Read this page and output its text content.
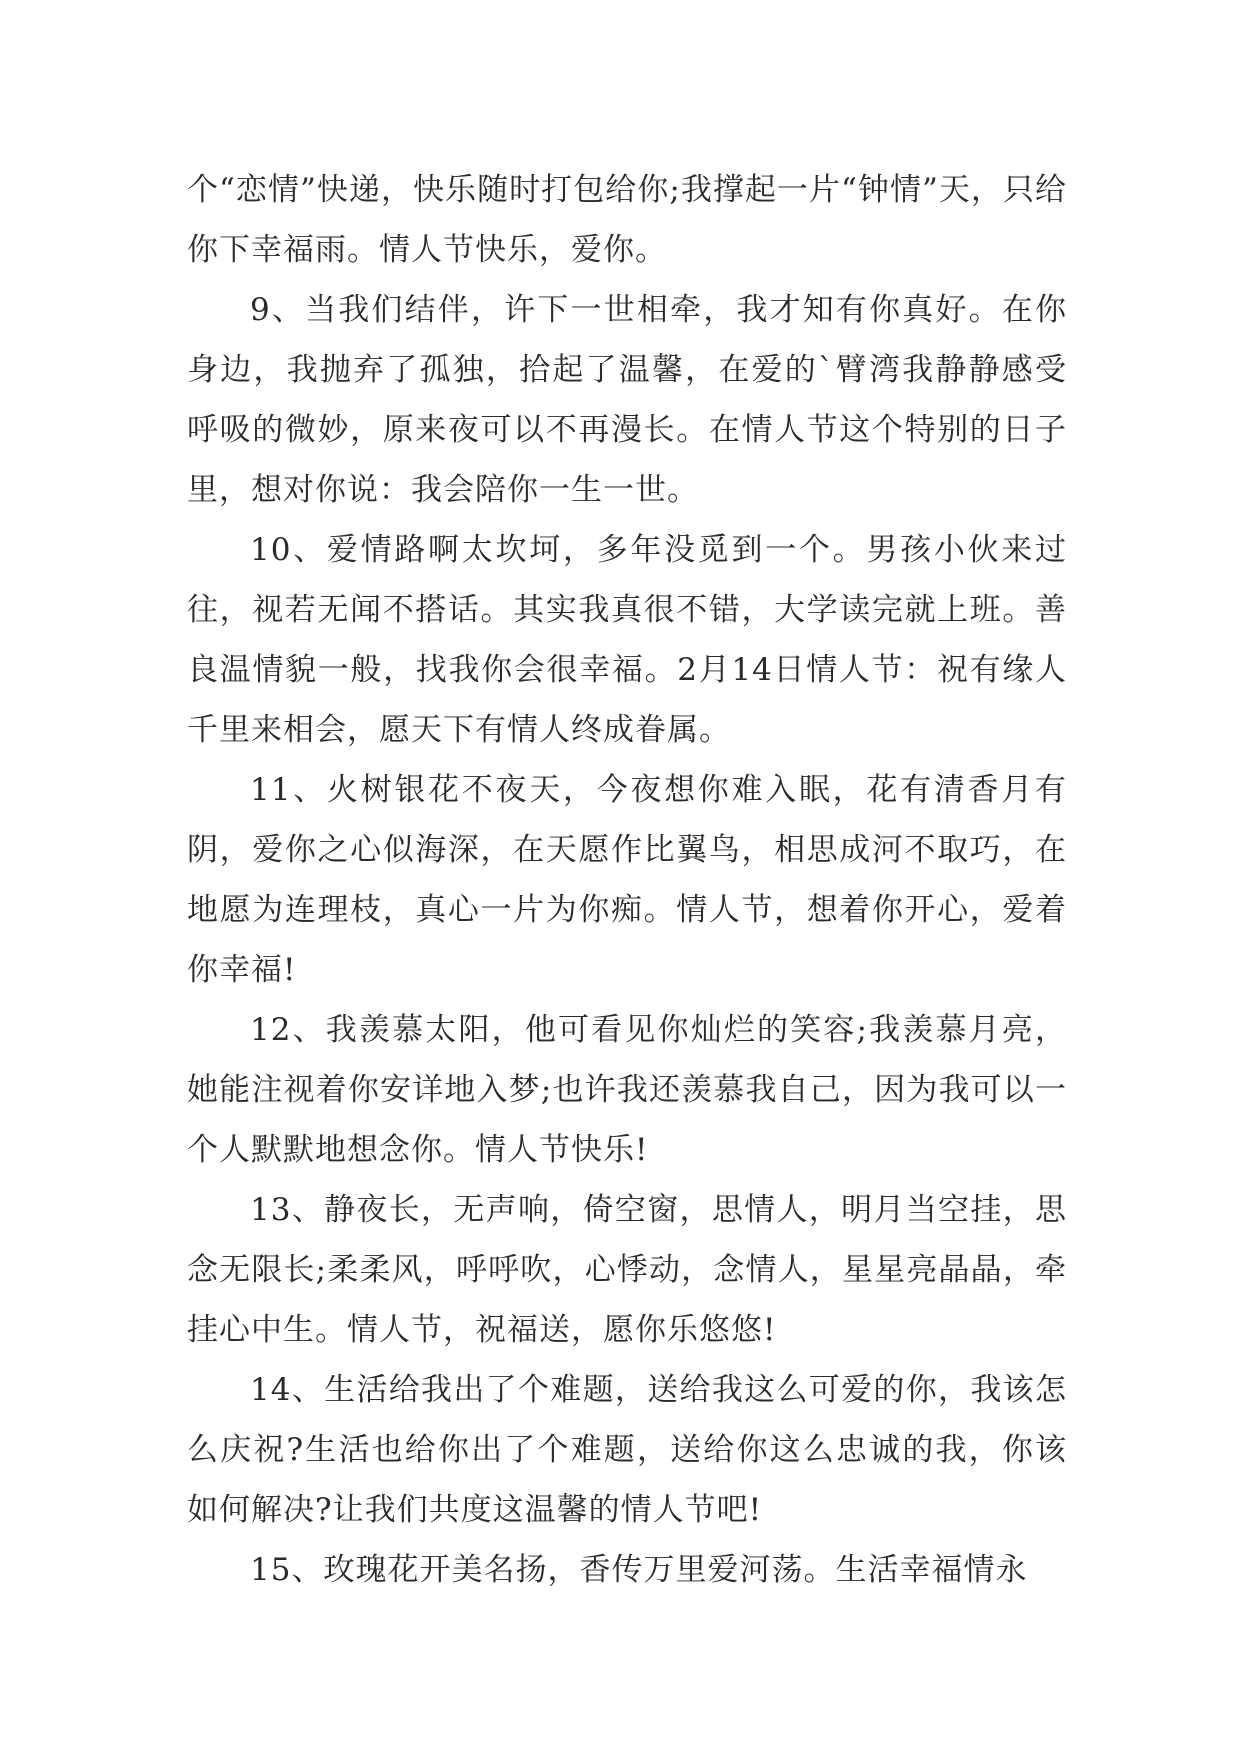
个“恋情”快递，快乐随时打包给你;我撑起一片“钟情”天，只给你下幸福雨。情人节快乐，爱你。

9、当我们结伴，许下一世相牵，我才知有你真好。在你身边，我抛弃了孤独，拾起了温馨，在爱的`臂湾我静静感受呼吸的微妙，原来夜可以不再漫长。在情人节这个特别的日子里，想对你说：我会陪你一生一世。

10、爱情路啊太坎坷，多年没觅到一个。男孩小伙来过往，视若无闻不搭话。其实我真很不错，大学读完就上班。善良温情貌一般，找我你会很幸福。2月14日情人节：祝有缘人千里来相会，愿天下有情人终成眷属。

11、火树银花不夜天，今夜想你难入眠，花有清香月有阴，爱你之心似海深，在天愿作比翼鸟，相思成河不取巧，在地愿为连理枝，真心一片为你痴。情人节，想着你开心，爱着你幸福!

12、我羡慕太阳，他可看见你灿烂的笑容;我羡慕月亮，她能注视着你安详地入梦;也许我还羡慕我自己，因为我可以一个人默默地想念你。情人节快乐!

13、静夜长，无声响，倚空窗，思情人，明月当空挂，思念无限长;柔柔风，呼呼吹，心悸动，念情人，星星亮晶晶，牵挂心中生。情人节，祝福送，愿你乐悠悠!

14、生活给我出了个难题，送给我这么可爱的你，我该怎么庆祝?生活也给你出了个难题，送给你这么忠诚的我，你该如何解决?让我们共度这温馨的情人节吧!

15、玫瑰花开美名扬，香传万里爱河荡。生活幸福情永
